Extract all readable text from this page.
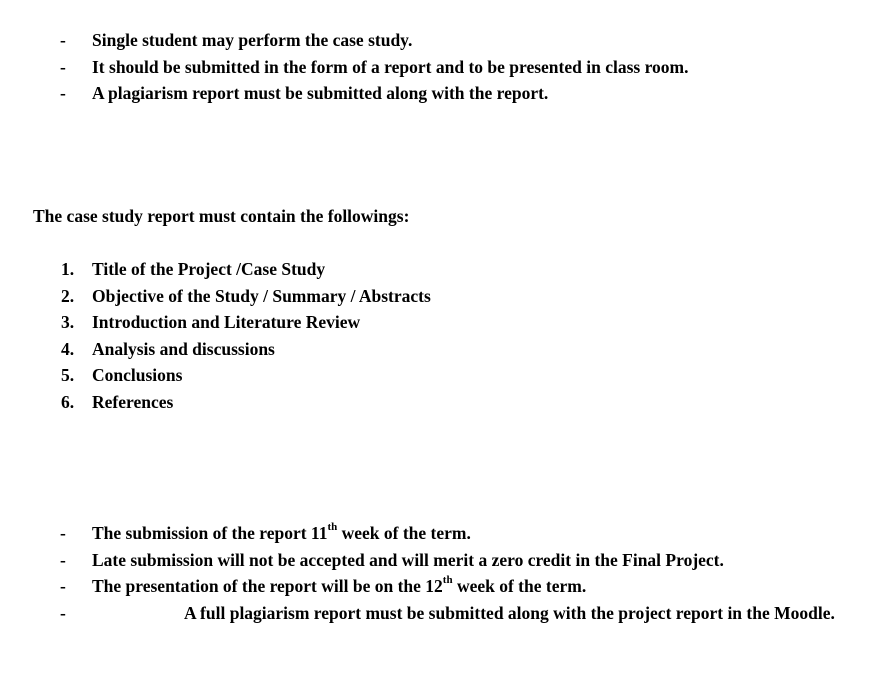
- Single student may perform the case study.
- It should be submitted in the form of a report and to be presented in class room.
- A plagiarism report must be submitted along with the report.
The case study report must contain the followings:
1. Title of the Project /Case Study
2. Objective of the Study / Summary / Abstracts
3. Introduction and Literature Review
4. Analysis and discussions
5. Conclusions
6. References
- The submission of the report 11th week of the term.
- Late submission will not be accepted and will merit a zero credit in the Final Project.
- The presentation of the report will be on the 12th week of the term.
-	A full plagiarism report must be submitted along with the project report in the Moodle.
